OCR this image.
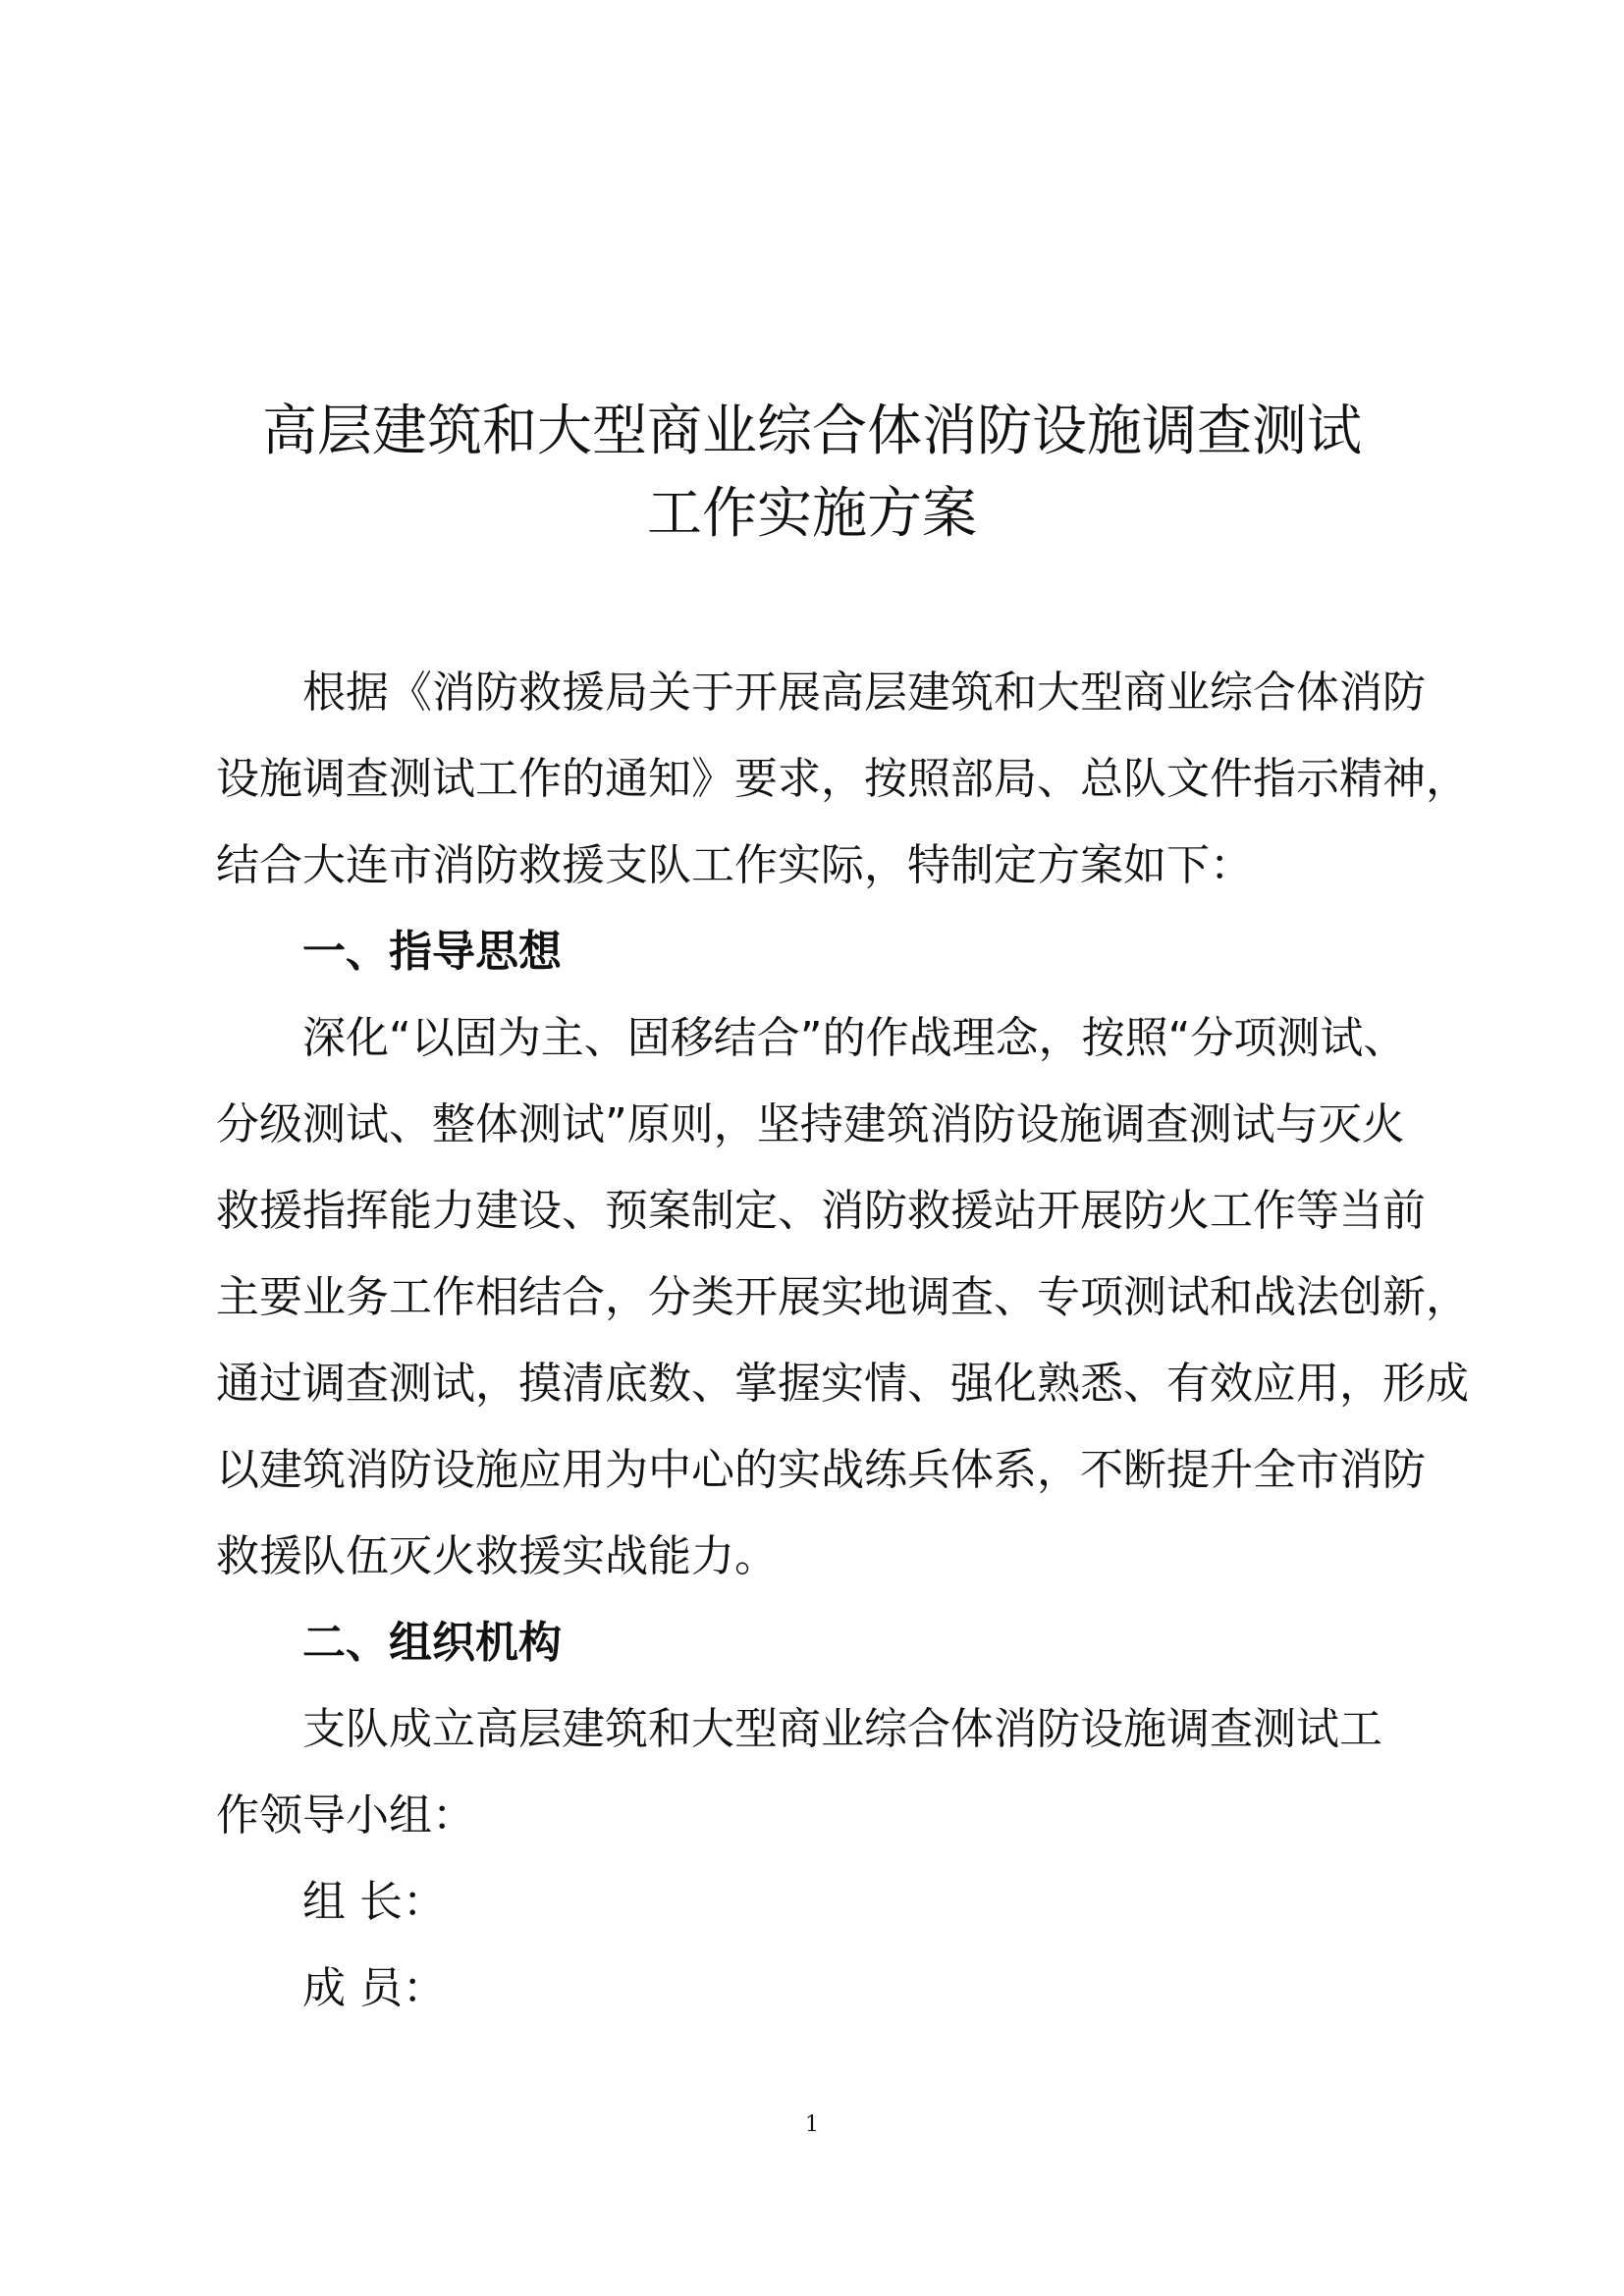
高层建筑和大型商业综合体消防设施调查测试
工作实施方案
根据《消防救援局关于开展高层建筑和大型商业综合体消防
设施调查测试工作的通知》要求，按照部局、总队文件指示精神，
结合大连市消防救援支队工作实际，特制定方案如下：
一、指导思想
深化“以固为主、固移结合”的作战理念，按照“分项测试、
分级测试、整体测试”原则，坚持建筑消防设施调查测试与灭火
救援指挥能力建设、预案制定、消防救援站开展防火工作等当前
主要业务工作相结合，分类开展实地调查、专项测试和战法创新，
通过调查测试，摸清底数、掌握实情、强化熟悉、有效应用，形成
以建筑消防设施应用为中心的实战练兵体系，不断提升全市消防
救援队伍灭火救援实战能力。
二、组织机构
支队成立高层建筑和大型商业综合体消防设施调查测试工
作领导小组：
组 长：
成 员：
1
